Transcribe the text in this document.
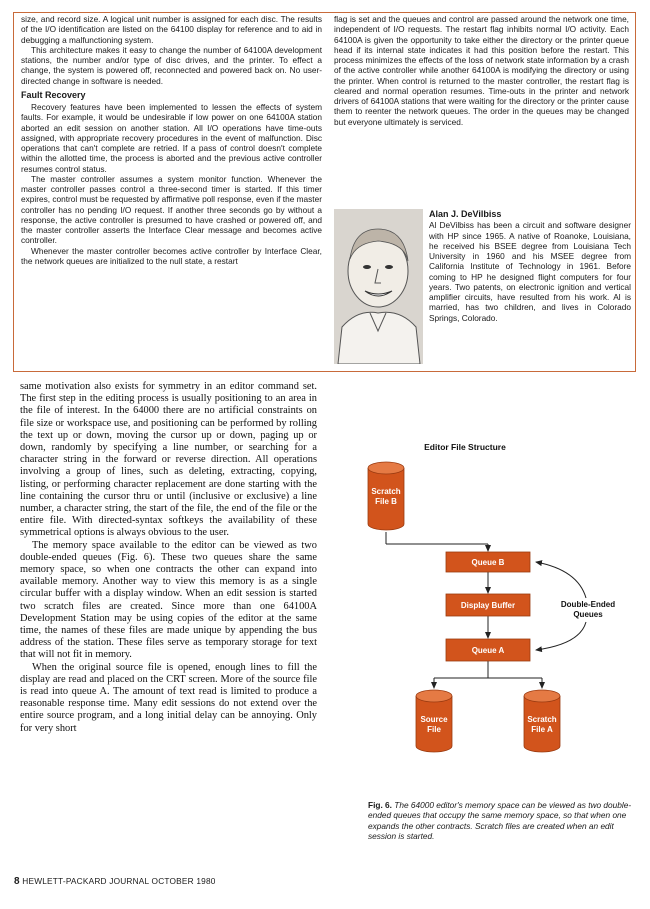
size, and record size. A logical unit number is assigned for each disc. The results of the I/O identification are listed on the 64100 display for reference and to aid in debugging a malfunctioning system.

This architecture makes it easy to change the number of 64100A development stations, the number and/or type of disc drives, and the printer. To effect a change, the system is powered off, reconnected and powered back on. No user-directed change in software is needed.

Fault Recovery

Recovery features have been implemented to lessen the effects of system faults. For example, it would be undesirable if low power on one 64100A station aborted an edit session on another station. All I/O operations have time-outs assigned, with appropriate recovery procedures in the event of malfunction. Disc operations that can't complete are retried. If a pass of control doesn't complete within the allotted time, the process is aborted and the previous active controller resumes control status.

The master controller assumes a system monitor function. Whenever the master controller passes control a three-second timer is started. If this timer expires, control must be requested by affirmative poll response, even if the master controller has no pending I/O request. If another three seconds go by without a response, the active controller is presumed to have crashed or powered off, and the master controller asserts the Interface Clear message and becomes active controller.

Whenever the master controller becomes active controller by Interface Clear, the network queues are initialized to the null state, a restart

flag is set and the queues and control are passed around the network one time, independent of I/O requests. The restart flag inhibits normal I/O activity. Each 64100A is given the opportunity to take either the directory or the printer queue head if its internal state indicates it had this position before the restart. This process minimizes the effects of the loss of network state information by a crash of the active controller while another 64100A is modifying the directory or using the printer. When control is returned to the master controller, the restart flag is cleared and normal operation resumes. Time-outs in the printer and network drivers of 64100A stations that were waiting for the directory or the printer cause them to reenter the network queues. The order in the queues may be changed but everyone ultimately is serviced.

Alan J. DeVilbiss

Al DeVilbiss has been a circuit and software designer with HP since 1965. A native of Roanoke, Louisiana, he received his BSEE degree from Louisiana Tech University in 1960 and his MSEE degree from California Institute of Technology in 1961. Before coming to HP he designed flight computers for four years. Two patents, on electronic ignition and vertical amplifier circuits, have resulted from his work. Al is married, has two children, and lives in Colorado Springs, Colorado.

same motivation also exists for symmetry in an editor command set. The first step in the editing process is usually positioning to an area in the file of interest. In the 64000 there are no artificial constraints on file size or workspace use, and positioning can be performed by rolling the text up or down, moving the cursor up or down, paging up or down, randomly by specifying a line number, or searching for a character string in the forward or reverse direction. All operations involving a group of lines, such as deleting, extracting, copying, listing, or performing character replacement are done starting with the line containing the cursor thru or until (inclusive or exclusive) a line number, a character string, the start of the file, the end of the file or the entire file. With directed-syntax softkeys the availability of these symmetrical options is always obvious to the user.

The memory space available to the editor can be viewed as two double-ended queues (Fig. 6). These two queues share the same memory space, so when one contracts the other can expand into available memory. Another way to view this memory is as a single circular buffer with a display window. When an edit session is started two scratch files are created. Since more than one 64100A Development Station may be using copies of the editor at the same time, the names of these files are made unique by appending the bus address of the station. These files serve as temporary storage for text that will not fit in memory.

When the original source file is opened, enough lines to fill the display are read and placed on the CRT screen. More of the source file is read into queue A. The amount of text read is limited to produce a reasonable response time. Many edit sessions do not extend over the entire source program, and a long initial delay can be annoying. Only for very short

Editor File Structure
Scratch
File B
Queue B
Display Buffer
Queue A
Source
File
Scratch
File A
Double-Ended
Queues
Fig. 6. The 64000 editor's memory space can be viewed as two double-ended queues that occupy the same memory space, so that when one expands the other contracts. Scratch files are created when an edit session is started.
8 HEWLETT-PACKARD JOURNAL OCTOBER 1980
